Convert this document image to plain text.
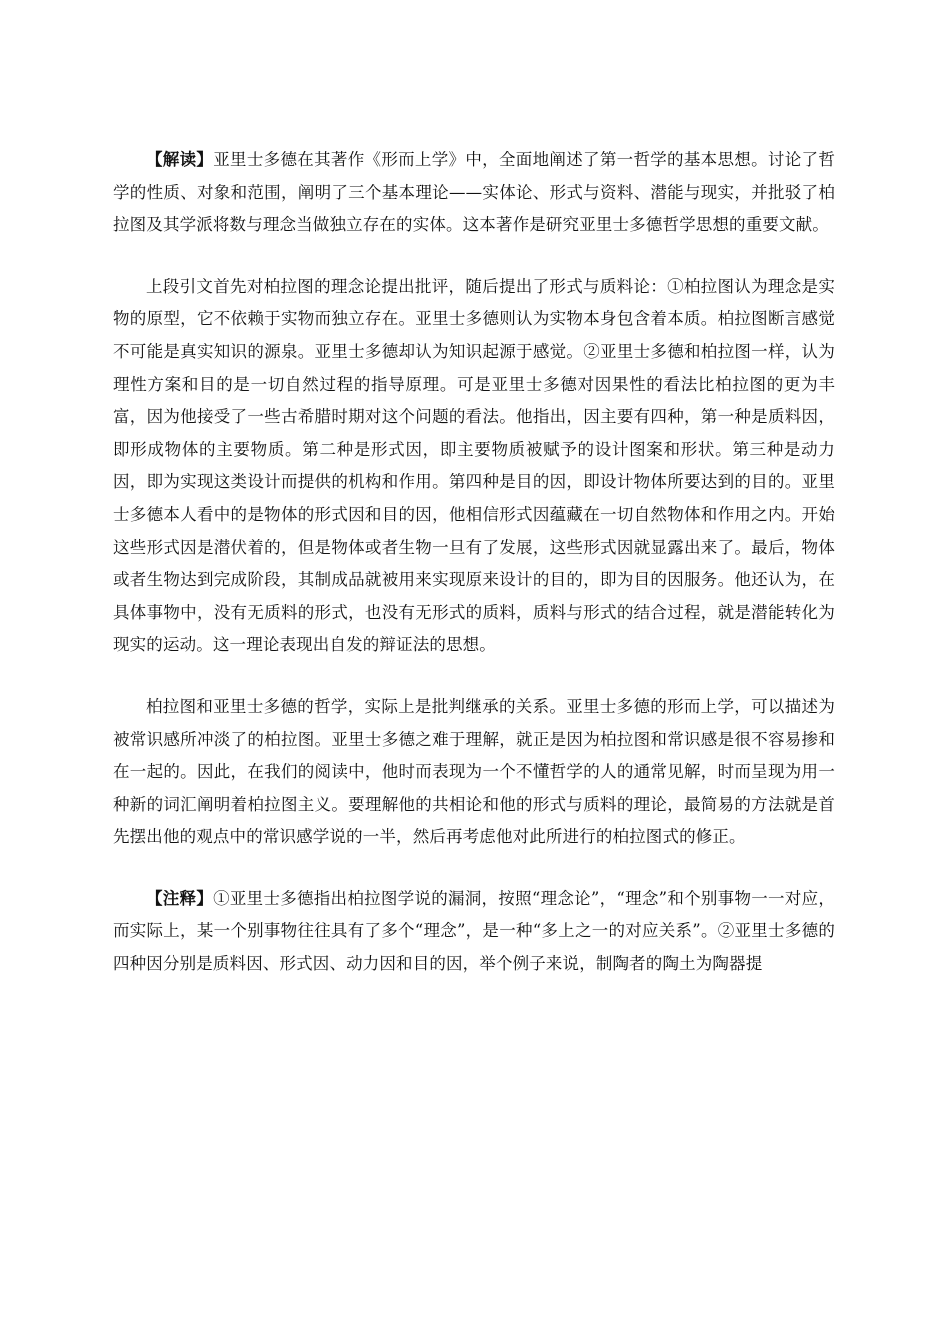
【解读】亚里士多德在其著作《形而上学》中，全面地阐述了第一哲学的基本思想。讨论了哲学的性质、对象和范围，阐明了三个基本理论——实体论、形式与资料、潜能与现实，并批驳了柏拉图及其学派将数与理念当做独立存在的实体。这本著作是研究亚里士多德哲学思想的重要文献。

上段引文首先对柏拉图的理念论提出批评，随后提出了形式与质料论：①柏拉图认为理念是实物的原型，它不依赖于实物而独立存在。亚里士多德则认为实物本身包含着本质。柏拉图断言感觉不可能是真实知识的源泉。亚里士多德却认为知识起源于感觉。②亚里士多德和柏拉图一样，认为理性方案和目的是一切自然过程的指导原理。可是亚里士多德对因果性的看法比柏拉图的更为丰富，因为他接受了一些古希腊时期对这个问题的看法。他指出，因主要有四种，第一种是质料因，即形成物体的主要物质。第二种是形式因，即主要物质被赋予的设计图案和形状。第三种是动力因，即为实现这类设计而提供的机构和作用。第四种是目的因，即设计物体所要达到的目的。亚里士多德本人看中的是物体的形式因和目的因，他相信形式因蕴藏在一切自然物体和作用之内。开始这些形式因是潜伏着的，但是物体或者生物一旦有了发展，这些形式因就显露出来了。最后，物体或者生物达到完成阶段，其制成品就被用来实现原来设计的目的，即为目的因服务。他还认为，在具体事物中，没有无质料的形式，也没有无形式的质料，质料与形式的结合过程，就是潜能转化为现实的运动。这一理论表现出自发的辩证法的思想。

柏拉图和亚里士多德的哲学，实际上是批判继承的关系。亚里士多德的形而上学，可以描述为被常识感所冲淡了的柏拉图。亚里士多德之难于理解，就正是因为柏拉图和常识感是很不容易掺和在一起的。因此，在我们的阅读中，他时而表现为一个不懂哲学的人的通常见解，时而呈现为用一种新的词汇阐明着柏拉图主义。要理解他的共相论和他的形式与质料的理论，最简易的方法就是首先摆出他的观点中的常识感学说的一半，然后再考虑他对此所进行的柏拉图式的修正。

【注释】①亚里士多德指出柏拉图学说的漏洞，按照“理念论”，“理念”和个别事物一一对应，而实际上，某一个别事物往往具有了多个“理念”，是一种“多上之一的对应关系”。②亚里士多德的四种因分别是质料因、形式因、动力因和目的因，举个例子来说，制陶者的陶土为陶器提
